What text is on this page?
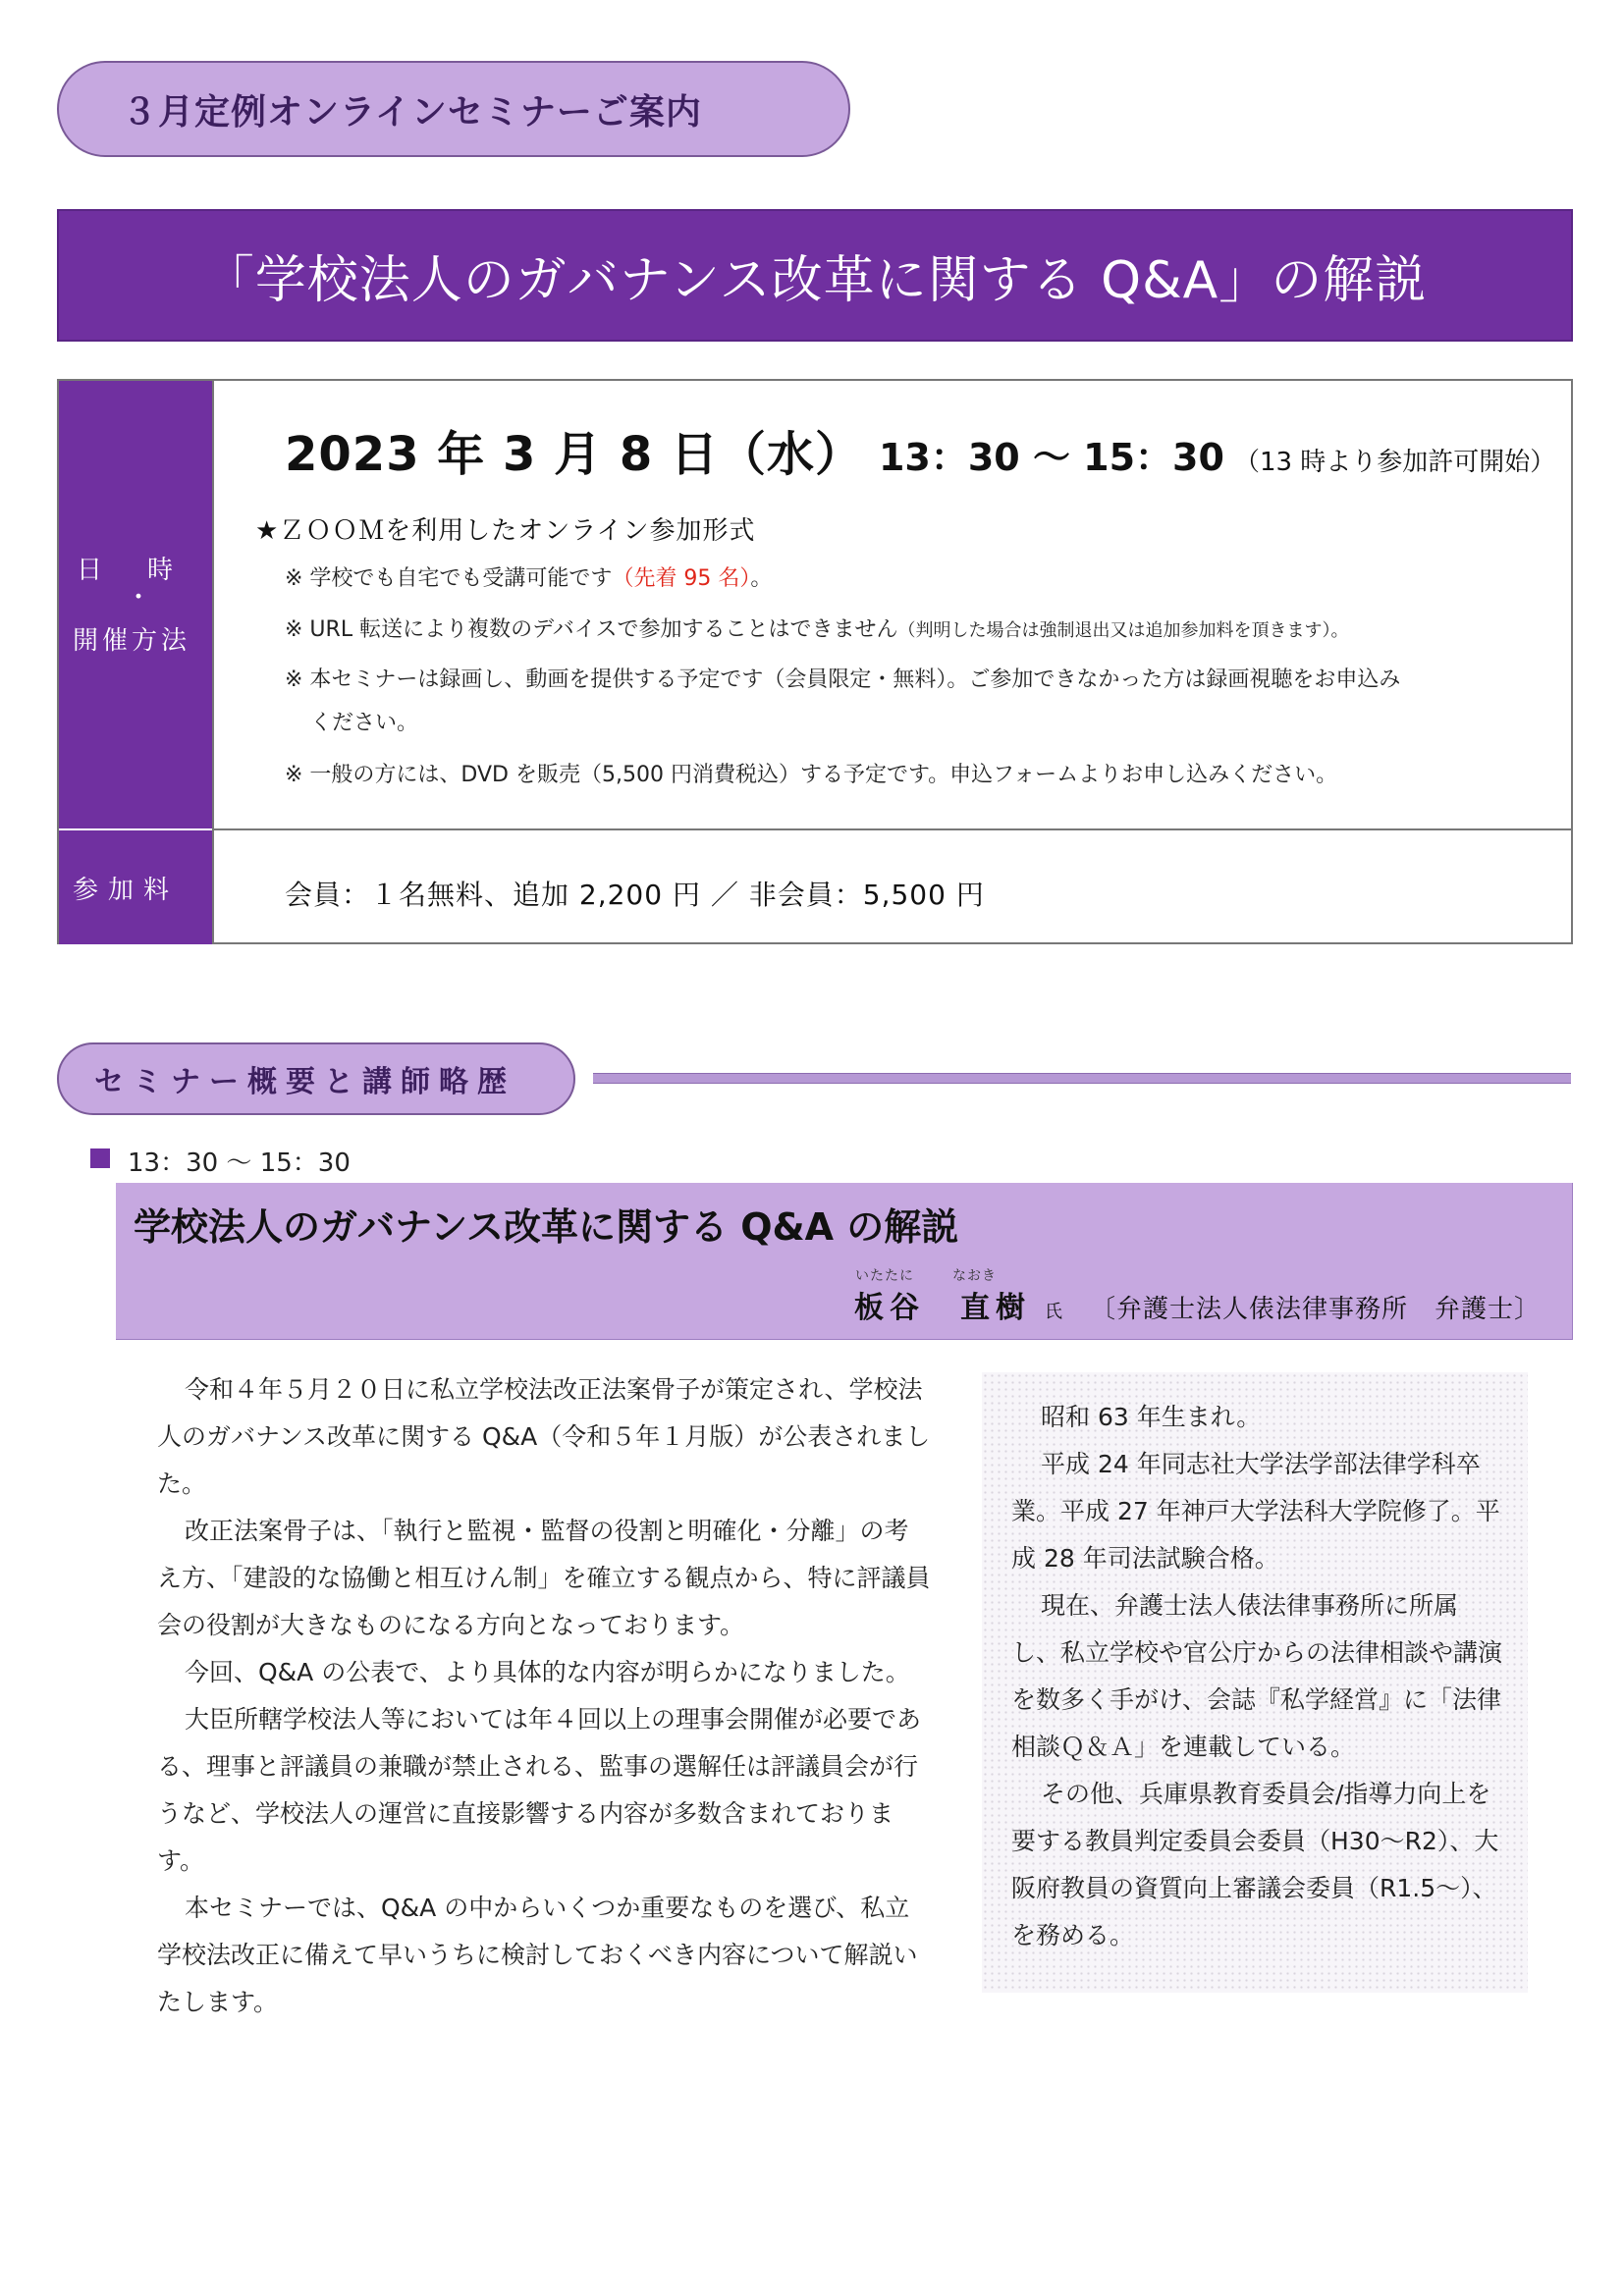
３月定例オンラインセミナーご案内
「学校法人のガバナンス改革に関する Q&A」の解説
日時
・
開催方法
参加料
2023 年 3 月 8 日（水） 13：30 ～ 15：30 （13 時より参加許可開始）
★ＺＯＯＭを利用したオンライン参加形式
※ 学校でも自宅でも受講可能です（先着 95 名）。
※ URL 転送により複数のデバイスで参加することはできません（判明した場合は強制退出又は追加参加料を頂きます）。
※ 本セミナーは録画し、動画を提供する予定です（会員限定・無料）。ご参加できなかった方は録画視聴をお申込み
ください。
※ 一般の方には、DVD を販売（5,500 円消費税込）する予定です。申込フォームよりお申し込みください。
会員：１名無料、追加 2,200 円 ／ 非会員：5,500 円
セミナー概要と講師略歴
13：30 ～ 15：30
学校法人のガバナンス改革に関する Q&A の解説
いたたに	なおき
板谷　直樹 氏 〔弁護士法人俵法律事務所　弁護士〕

令和４年５月２０日に私立学校法改正法案骨子が策定され、学校法人のガバナンス改革に関する Q&A（令和５年１月版）が公表されました。

改正法案骨子は、「執行と監視・監督の役割と明確化・分離」の考え方、「建設的な協働と相互けん制」を確立する観点から、特に評議員会の役割が大きなものになる方向となっております。

今回、Q&A の公表で、より具体的な内容が明らかになりました。

大臣所轄学校法人等においては年４回以上の理事会開催が必要である、理事と評議員の兼職が禁止される、監事の選解任は評議員会が行うなど、学校法人の運営に直接影響する内容が多数含まれております。

本セミナーでは、Q&A の中からいくつか重要なものを選び、私立学校法改正に備えて早いうちに検討しておくべき内容について解説いたします。

昭和 63 年生まれ。

平成 24 年同志社大学法学部法律学科卒業。平成 27 年神戸大学法科大学院修了。平成 28 年司法試験合格。

現在、弁護士法人俵法律事務所に所属し、私立学校や官公庁からの法律相談や講演を数多く手がけ、会誌『私学経営』に「法律相談Ｑ＆Ａ」を連載している。

その他、兵庫県教育委員会/指導力向上を要する教員判定委員会委員（H30～R2）、大阪府教員の資質向上審議会委員（R1.5～）、を務める。
